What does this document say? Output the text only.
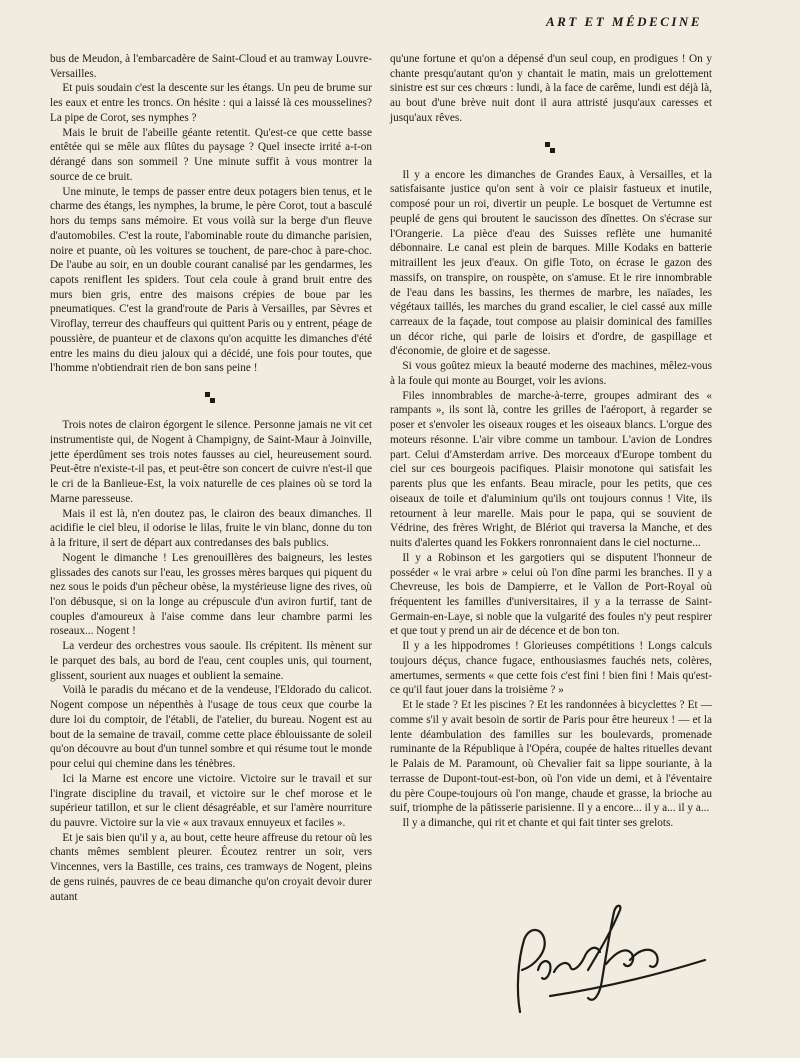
ART ET MÉDECINE

bus de Meudon, à l'embarcadère de Saint-Cloud et au tramway Louvre-Versailles.

Et puis soudain c'est la descente sur les étangs. Un peu de brume sur les eaux et entre les troncs. On hésite : qui a laissé là ces mousselines? La pipe de Corot, ses nymphes ?

Mais le bruit de l'abeille géante retentit. Qu'est-ce que cette basse entêtée qui se mêle aux flûtes du paysage ? Quel insecte irrité a-t-on dérangé dans son sommeil ? Une minute suffit à vous montrer la source de ce bruit.

Une minute, le temps de passer entre deux potagers bien tenus, et le charme des étangs, les nymphes, la brume, le père Corot, tout a basculé hors du temps sans mémoire. Et vous voilà sur la berge d'un fleuve d'automobiles. C'est la route, l'abominable route du dimanche parisien, noire et puante, où les voitures se touchent, de pare-choc à pare-choc. De l'aube au soir, en un double courant canalisé par les gendarmes, les capots reniflent les spiders. Tout cela coule à grand bruit entre des murs bien gris, entre des maisons crépies de boue par les pneumatiques. C'est la grand'route de Paris à Versailles, par Sèvres et Viroflay, terreur des chauffeurs qui quittent Paris ou y entrent, péage de poussière, de puanteur et de claxons qu'on acquitte les dimanches d'été entre les mains du dieu jaloux qui a décidé, une fois pour toutes, que l'homme n'obtiendrait rien de bon sans peine !

Trois notes de clairon égorgent le silence. Personne jamais ne vit cet instrumentiste qui, de Nogent à Champigny, de Saint-Maur à Joinville, jette éperdûment ses trois notes fausses au ciel, heureusement sourd. Peut-être n'existe-t-il pas, et peut-être son concert de cuivre n'est-il que le cri de la Banlieue-Est, la voix naturelle de ces plaines où se tord la Marne paresseuse.

Mais il est là, n'en doutez pas, le clairon des beaux dimanches. Il acidifie le ciel bleu, il odorise le lilas, fruite le vin blanc, donne du ton à la friture, il sert de départ aux contredanses des bals publics.

Nogent le dimanche ! Les grenouillères des baigneurs, les lestes glissades des canots sur l'eau, les grosses mères barques qui piquent du nez sous le poids d'un pêcheur obèse, la mystérieuse ligne des rives, où l'on débusque, si on la longe au crépuscule d'un aviron furtif, tant de couples d'amoureux à l'aise comme dans leur chambre parmi les roseaux... Nogent !

La verdeur des orchestres vous saoule. Ils crépitent. Ils mènent sur le parquet des bals, au bord de l'eau, cent couples unis, qui tournent, glissent, sourient aux nuages et oublient la semaine.

Voilà le paradis du mécano et de la vendeuse, l'Eldorado du calicot. Nogent compose un népenthès à l'usage de tous ceux que courbe la dure loi du comptoir, de l'établi, de l'atelier, du bureau. Nogent est au bout de la semaine de travail, comme cette place éblouissante de soleil qu'on découvre au bout d'un tunnel sombre et qui résume tout le monde pour celui qui chemine dans les ténèbres.

Ici la Marne est encore une victoire. Victoire sur le travail et sur l'ingrate discipline du travail, et victoire sur le chef morose et le supérieur tatillon, et sur le client désagréable, et sur l'amère nourriture du pauvre. Victoire sur la vie « aux travaux ennuyeux et faciles ».

Et je sais bien qu'il y a, au bout, cette heure affreuse du retour où les chants mêmes semblent pleurer. Écoutez rentrer un soir, vers Vincennes, vers la Bastille, ces trains, ces tramways de Nogent, pleins de gens ruinés, pauvres de ce beau dimanche qu'on croyait devoir durer autant

qu'une fortune et qu'on a dépensé d'un seul coup, en prodigues ! On y chante presqu'autant qu'on y chantait le matin, mais un grelottement sinistre est sur ces chœurs : lundi, à la face de carême, lundi est déjà là, au bout d'une brève nuit dont il aura attristé jusqu'aux caresses et jusqu'aux rêves.

Il y a encore les dimanches de Grandes Eaux, à Versailles, et la satisfaisante justice qu'on sent à voir ce plaisir fastueux et inutile, composé pour un roi, divertir un peuple. Le bosquet de Vertumne est peuplé de gens qui broutent le saucisson des dînettes. On s'écrase sur l'Orangerie. La pièce d'eau des Suisses reflète une humanité débonnaire. Le canal est plein de barques. Mille Kodaks en batterie mitraillent les jeux d'eaux. On gifle Toto, on écrase le gazon des massifs, on transpire, on rouspète, on s'amuse. Et le rire innombrable de l'eau dans les bassins, les thermes de marbre, les naïades, les végétaux taillés, les marches du grand escalier, le ciel cassé aux mille carreaux de la façade, tout compose au plaisir dominical des familles un décor riche, qui parle de loisirs et d'ordre, de gaspillage et d'économie, de gloire et de sagesse.

Si vous goûtez mieux la beauté moderne des machines, mêlez-vous à la foule qui monte au Bourget, voir les avions.

Files innombrables de marche-à-terre, groupes admirant des « rampants », ils sont là, contre les grilles de l'aéroport, à regarder se poser et s'envoler les oiseaux rouges et les oiseaux blancs. L'orgue des moteurs résonne. L'air vibre comme un tambour. L'avion de Londres part. Celui d'Amsterdam arrive. Des morceaux d'Europe tombent du ciel sur ces bourgeois pacifiques. Plaisir monotone qui satisfait les parents plus que les enfants. Beau miracle, pour les petits, que ces oiseaux de toile et d'aluminium qu'ils ont toujours connus ! Vite, ils retournent à leur marelle. Mais pour le papa, qui se souvient de Védrine, des frères Wright, de Blériot qui traversa la Manche, et des nuits d'alertes quand les Fokkers ronronnaient dans le ciel nocturne...

Il y a Robinson et les gargotiers qui se disputent l'honneur de posséder « le vrai arbre » celui où l'on dîne parmi les branches. Il y a Chevreuse, les bois de Dampierre, et le Vallon de Port-Royal où fréquentent les familles d'universitaires, il y a la terrasse de Saint-Germain-en-Laye, si noble que la vulgarité des foules n'y peut respirer et que tout y prend un air de décence et de bon ton.

Il y a les hippodromes ! Glorieuses compétitions ! Longs calculs toujours déçus, chance fugace, enthousiasmes fauchés nets, colères, amertumes, serments « que cette fois c'est fini ! bien fini ! Mais qu'est-ce qu'il faut jouer dans la troisième ? »

Et le stade ? Et les piscines ? Et les randonnées à bicyclettes ? Et — comme s'il y avait besoin de sortir de Paris pour être heureux ! — et la lente déambulation des familles sur les boulevards, promenade ruminante de la République à l'Opéra, coupée de haltes rituelles devant le Palais de M. Paramount, où Chevalier fait sa lippe souriante, à la terrasse de Dupont-tout-est-bon, où l'on vide un demi, et à l'éventaire du père Coupe-toujours où l'on mange, chaude et grasse, la brioche au suif, triomphe de la pâtisserie parisienne. Il y a encore... il y a... il y a...

Il y a dimanche, qui rit et chante et qui fait tinter ses grelots.
